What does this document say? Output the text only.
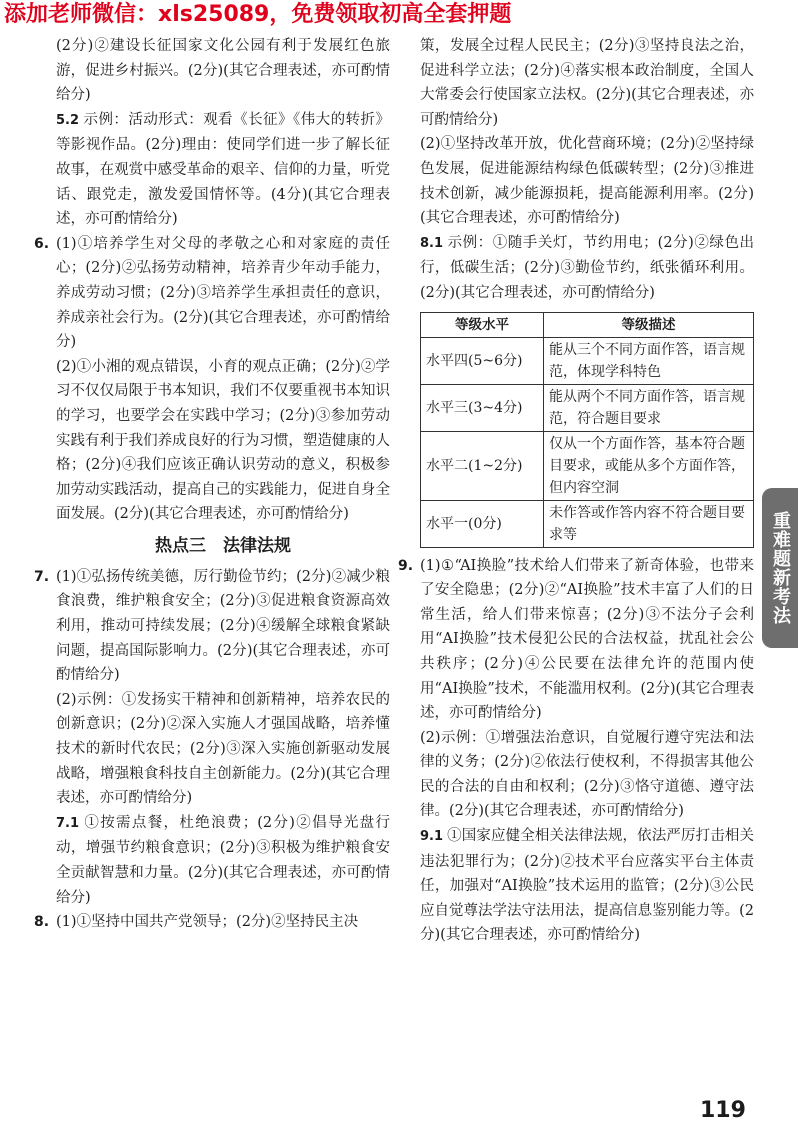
添加老师微信：xls25089，免费领取初高全套押题

(2分)②建设长征国家文化公园有利于发展红色旅游，促进乡村振兴。(2分)(其它合理表述，亦可酌情给分)

5.2 示例：活动形式：观看《长征》《伟大的转折》等影视作品。(2分)理由：使同学们进一步了解长征故事，在观赏中感受革命的艰辛、信仰的力量，听党话、跟党走，激发爱国情怀等。(4分)(其它合理表述，亦可酌情给分)

6. (1)①培养学生对父母的孝敬之心和对家庭的责任心；(2分)②弘扬劳动精神，培养青少年动手能力，养成劳动习惯；(2分)③培养学生承担责任的意识，养成亲社会行为。(2分)(其它合理表述，亦可酌情给分)

(2)①小湘的观点错误，小育的观点正确；(2分)②学习不仅仅局限于书本知识，我们不仅要重视书本知识的学习，也要学会在实践中学习；(2分)③参加劳动实践有利于我们养成良好的行为习惯，塑造健康的人格；(2分)④我们应该正确认识劳动的意义，积极参加劳动实践活动，提高自己的实践能力，促进自身全面发展。(2分)(其它合理表述，亦可酌情给分)

热点三　法律法规
7. (1)①弘扬传统美德，厉行勤俭节约；(2分)②减少粮食浪费，维护粮食安全；(2分)③促进粮食资源高效利用，推动可持续发展；(2分)④缓解全球粮食紧缺问题，提高国际影响力。(2分)(其它合理表述，亦可酌情给分)

(2)示例：①发扬实干精神和创新精神，培养农民的创新意识；(2分)②深入实施人才强国战略，培养懂技术的新时代农民；(2分)③深入实施创新驱动发展战略，增强粮食科技自主创新能力。(2分)(其它合理表述，亦可酌情给分)

7.1 ①按需点餐，杜绝浪费；(2分)②倡导光盘行动，增强节约粮食意识；(2分)③积极为维护粮食安全贡献智慧和力量。(2分)(其它合理表述，亦可酌情给分)

8. (1)①坚持中国共产党领导；(2分)②坚持民主决

策，发展全过程人民民主；(2分)③坚持良法之治，促进科学立法；(2分)④落实根本政治制度，全国人大常委会行使国家立法权。(2分)(其它合理表述，亦可酌情给分)

(2)①坚持改革开放，优化营商环境；(2分)②坚持绿色发展，促进能源结构绿色低碳转型；(2分)③推进技术创新，减少能源损耗，提高能源利用率。(2分)(其它合理表述，亦可酌情给分)

8.1 示例：①随手关灯，节约用电；(2分)②绿色出行，低碳生活；(2分)③勤俭节约，纸张循环利用。(2分)(其它合理表述，亦可酌情给分)

等级水平	等级描述
水平四(5~6分)	能从三个不同方面作答，语言规范，体现学科特色
水平三(3~4分)	能从两个不同方面作答，语言规范，符合题目要求
水平二(1~2分)	仅从一个方面作答，基本符合题目要求，或能从多个方面作答，但内容空洞
水平一(0分)	未作答或作答内容不符合题目要求等
9. (1)①“AI换脸”技术给人们带来了新奇体验，也带来了安全隐患；(2分)②“AI换脸”技术丰富了人们的日常生活，给人们带来惊喜；(2分)③不法分子会利用“AI换脸”技术侵犯公民的合法权益，扰乱社会公共秩序；(2分)④公民要在法律允许的范围内使用“AI换脸”技术，不能滥用权利。(2分)(其它合理表述，亦可酌情给分)

(2)示例：①增强法治意识，自觉履行遵守宪法和法律的义务；(2分)②依法行使权利，不得损害其他公民的合法的自由和权利；(2分)③恪守道德、遵守法律。(2分)(其它合理表述，亦可酌情给分)

9.1 ①国家应健全相关法律法规，依法严厉打击相关违法犯罪行为；(2分)②技术平台应落实平台主体责任，加强对“AI换脸”技术运用的监管；(2分)③公民应自觉尊法学法守法用法，提高信息鉴别能力等。(2分)(其它合理表述，亦可酌情给分)

重难题新考法
119
